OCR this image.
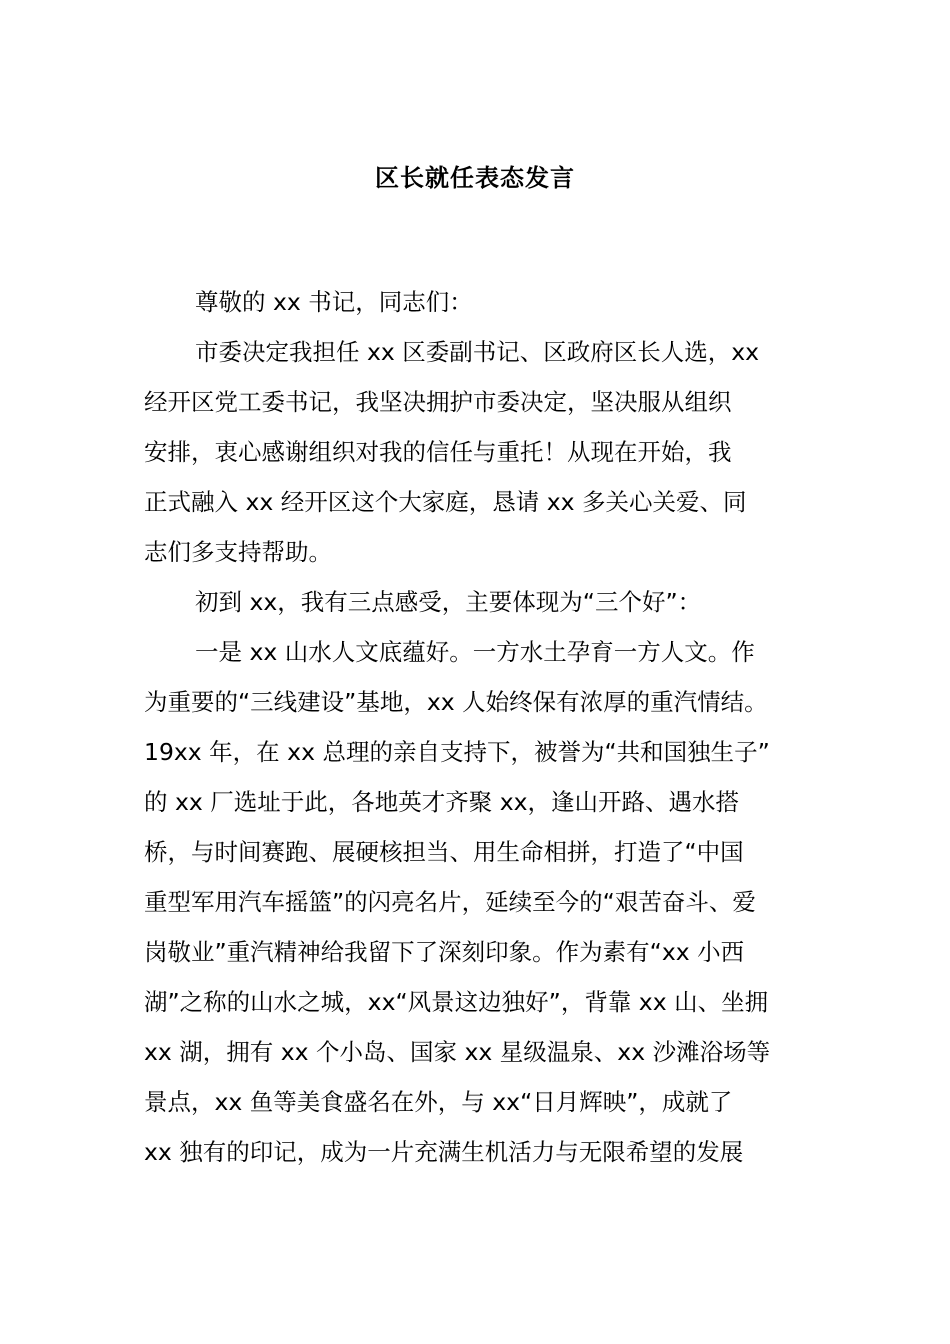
区长就任表态发言
尊敬的 xx 书记，同志们：
市委决定我担任 xx 区委副书记、区政府区长人选，xx
经开区党工委书记，我坚决拥护市委决定，坚决服从组织
安排，衷心感谢组织对我的信任与重托！从现在开始，我
正式融入 xx 经开区这个大家庭，恳请 xx 多关心关爱、同
志们多支持帮助。
初到 xx，我有三点感受，主要体现为“三个好”：
一是 xx 山水人文底蕴好。一方水土孕育一方人文。作
为重要的“三线建设”基地，xx 人始终保有浓厚的重汽情结。
19xx 年，在 xx 总理的亲自支持下，被誉为“共和国独生子”
的 xx 厂选址于此，各地英才齐聚 xx，逢山开路、遇水搭
桥，与时间赛跑、展硬核担当、用生命相拼，打造了“中国
重型军用汽车摇篮”的闪亮名片，延续至今的“艰苦奋斗、爱
岗敬业”重汽精神给我留下了深刻印象。作为素有“xx 小西
湖”之称的山水之城，xx“风景这边独好”，背靠 xx 山、坐拥
xx 湖，拥有 xx 个小岛、国家 xx 星级温泉、xx 沙滩浴场等
景点，xx 鱼等美食盛名在外，与 xx“日月辉映”，成就了
xx 独有的印记，成为一片充满生机活力与无限希望的发展
